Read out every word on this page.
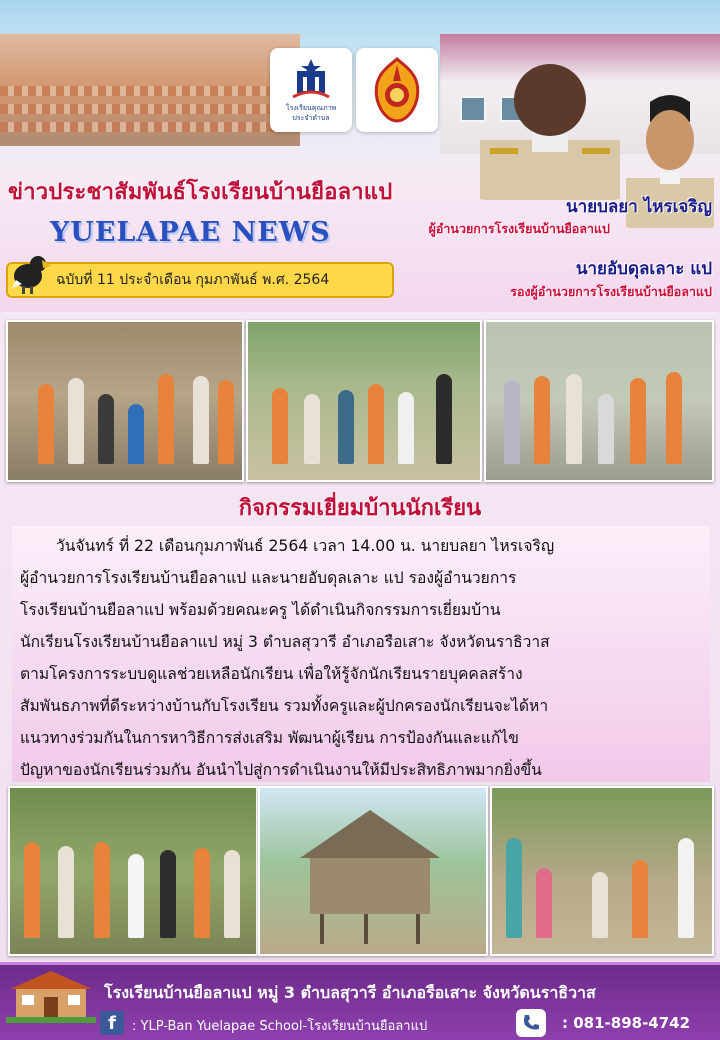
โรงเรียนคุณภาพ
ประจำตำบล
ข่าวประชาสัมพันธ์โรงเรียนบ้านยือลาแป
YUELAPAE NEWS
ฉบับที่ 11 ประจำเดือน กุมภาพันธ์ พ.ศ. 2564
นายบลยา ไหรเจริญ
ผู้อำนวยการโรงเรียนบ้านยือลาแป
นายอับดุลเลาะ แป
รองผู้อำนวยการโรงเรียนบ้านยือลาแป
กิจกรรมเยี่ยมบ้านนักเรียน
วันจันทร์ ที่ 22 เดือนกุมภาพันธ์ 2564 เวลา 14.00 น. นายบลยา ไหรเจริญ
ผู้อำนวยการโรงเรียนบ้านยือลาแป และนายอับดุลเลาะ แป รองผู้อำนวยการ
โรงเรียนบ้านยือลาแป พร้อมด้วยคณะครู ได้ดำเนินกิจกรรมการเยี่ยมบ้าน
นักเรียนโรงเรียนบ้านยือลาแป หมู่ 3 ตำบลสุวารี อำเภอรือเสาะ จังหวัดนราธิวาส
ตามโครงการระบบดูแลช่วยเหลือนักเรียน เพื่อให้รู้จักนักเรียนรายบุคคลสร้าง
สัมพันธภาพที่ดีระหว่างบ้านกับโรงเรียน รวมทั้งครูและผู้ปกครองนักเรียนจะได้หา
แนวทางร่วมกันในการหาวิธีการส่งเสริม พัฒนาผู้เรียน การป้องกันและแก้ไข
ปัญหาของนักเรียนร่วมกัน อันนำไปสู่การดำเนินงานให้มีประสิทธิภาพมากยิ่งขึ้น
โรงเรียนบ้านยือลาแป หมู่ 3 ตำบลสุวารี อำเภอรือเสาะ จังหวัดนราธิวาส
f	: YLP-Ban Yuelapae School-โรงเรียนบ้านยือลาแป	: 081-898-4742
